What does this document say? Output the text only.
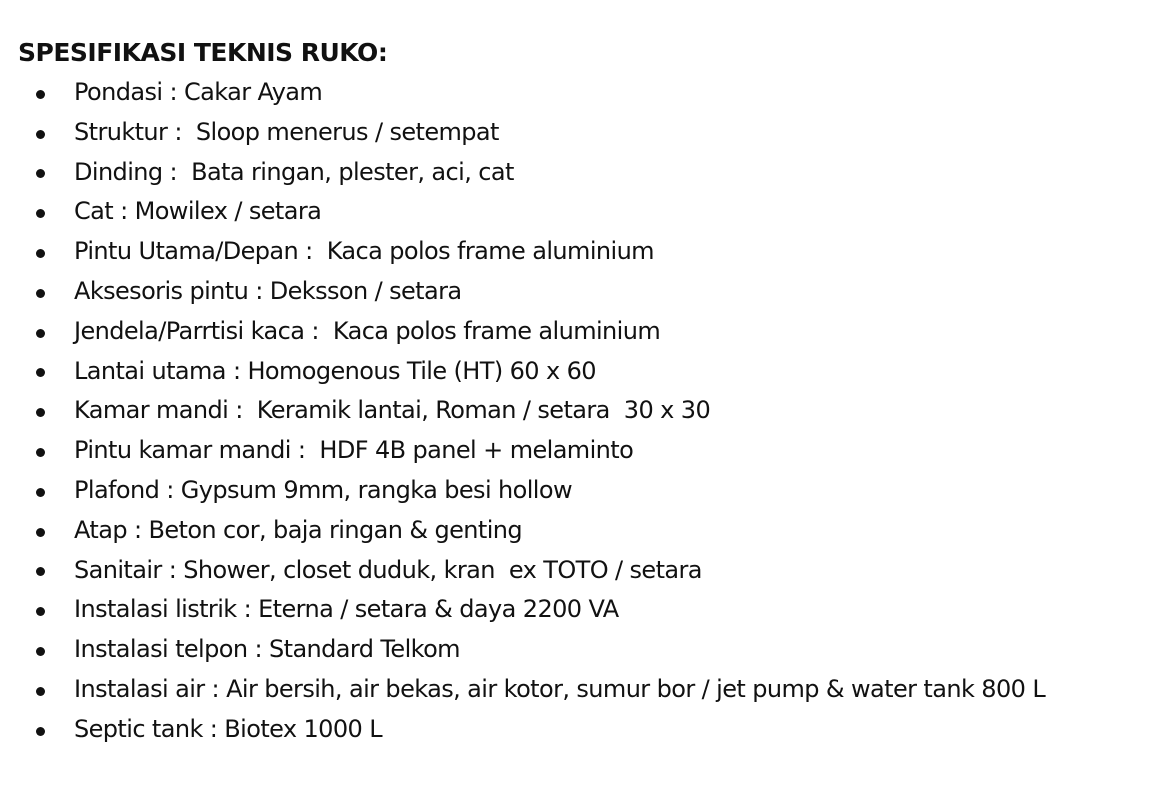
SPESIFIKASI TEKNIS RUKO:
Pondasi : Cakar Ayam
Struktur :  Sloop menerus / setempat
Dinding :  Bata ringan, plester, aci, cat
Cat : Mowilex / setara
Pintu Utama/Depan :  Kaca polos frame aluminium
Aksesoris pintu : Deksson / setara
Jendela/Parrtisi kaca :  Kaca polos frame aluminium
Lantai utama : Homogenous Tile (HT) 60 x 60
Kamar mandi :  Keramik lantai, Roman / setara  30 x 30
Pintu kamar mandi :  HDF 4B panel + melaminto
Plafond : Gypsum 9mm, rangka besi hollow
Atap : Beton cor, baja ringan & genting
Sanitair : Shower, closet duduk, kran  ex TOTO / setara
Instalasi listrik : Eterna / setara & daya 2200 VA
Instalasi telpon : Standard Telkom
Instalasi air : Air bersih, air bekas, air kotor, sumur bor / jet pump & water tank 800 L
Septic tank : Biotex 1000 L
